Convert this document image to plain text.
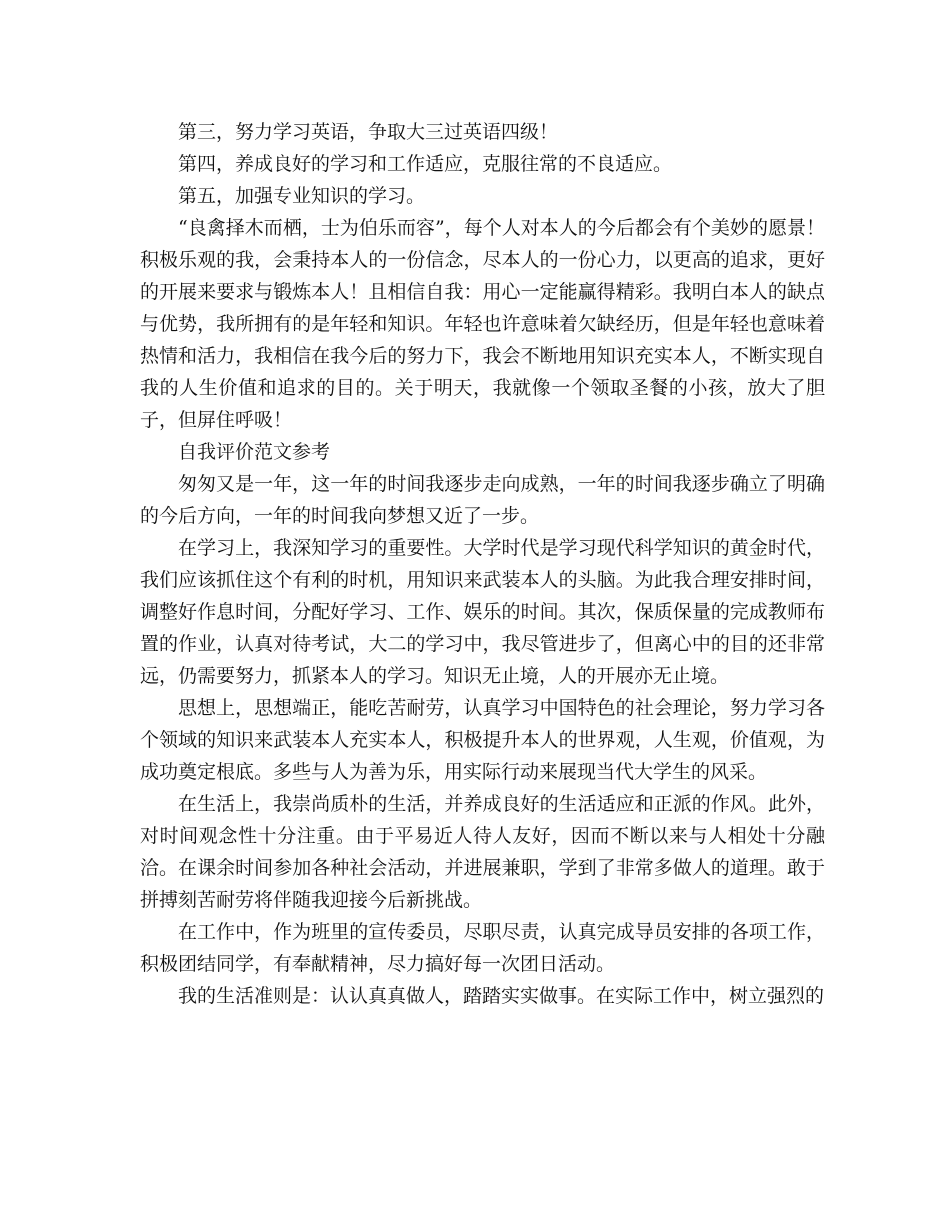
第三，努力学习英语，争取大三过英语四级！

第四，养成良好的学习和工作适应，克服往常的不良适应。

第五，加强专业知识的学习。

“良禽择木而栖，士为伯乐而容”，每个人对本人的今后都会有个美妙的愿景！积极乐观的我，会秉持本人的一份信念，尽本人的一份心力，以更高的追求，更好的开展来要求与锻炼本人！且相信自我：用心一定能赢得精彩。我明白本人的缺点与优势，我所拥有的是年轻和知识。年轻也许意味着欠缺经历，但是年轻也意味着热情和活力，我相信在我今后的努力下，我会不断地用知识充实本人，不断实现自我的人生价值和追求的目的。关于明天，我就像一个领取圣餐的小孩，放大了胆子，但屏住呼吸！

自我评价范文参考

匆匆又是一年，这一年的时间我逐步走向成熟，一年的时间我逐步确立了明确的今后方向，一年的时间我向梦想又近了一步。

在学习上，我深知学习的重要性。大学时代是学习现代科学知识的黄金时代，我们应该抓住这个有利的时机，用知识来武装本人的头脑。为此我合理安排时间，调整好作息时间，分配好学习、工作、娱乐的时间。其次，保质保量的完成教师布置的作业，认真对待考试，大二的学习中，我尽管进步了，但离心中的目的还非常远，仍需要努力，抓紧本人的学习。知识无止境，人的开展亦无止境。

思想上，思想端正，能吃苦耐劳，认真学习中国特色的社会理论，努力学习各个领域的知识来武装本人充实本人，积极提升本人的世界观，人生观，价值观，为成功奠定根底。多些与人为善为乐，用实际行动来展现当代大学生的风采。

在生活上，我崇尚质朴的生活，并养成良好的生活适应和正派的作风。此外，对时间观念性十分注重。由于平易近人待人友好，因而不断以来与人相处十分融洽。在课余时间参加各种社会活动，并进展兼职，学到了非常多做人的道理。敢于拼搏刻苦耐劳将伴随我迎接今后新挑战。

在工作中，作为班里的宣传委员，尽职尽责，认真完成导员安排的各项工作，积极团结同学，有奉献精神，尽力搞好每一次团日活动。

我的生活准则是：认认真真做人，踏踏实实做事。在实际工作中，树立强烈的
